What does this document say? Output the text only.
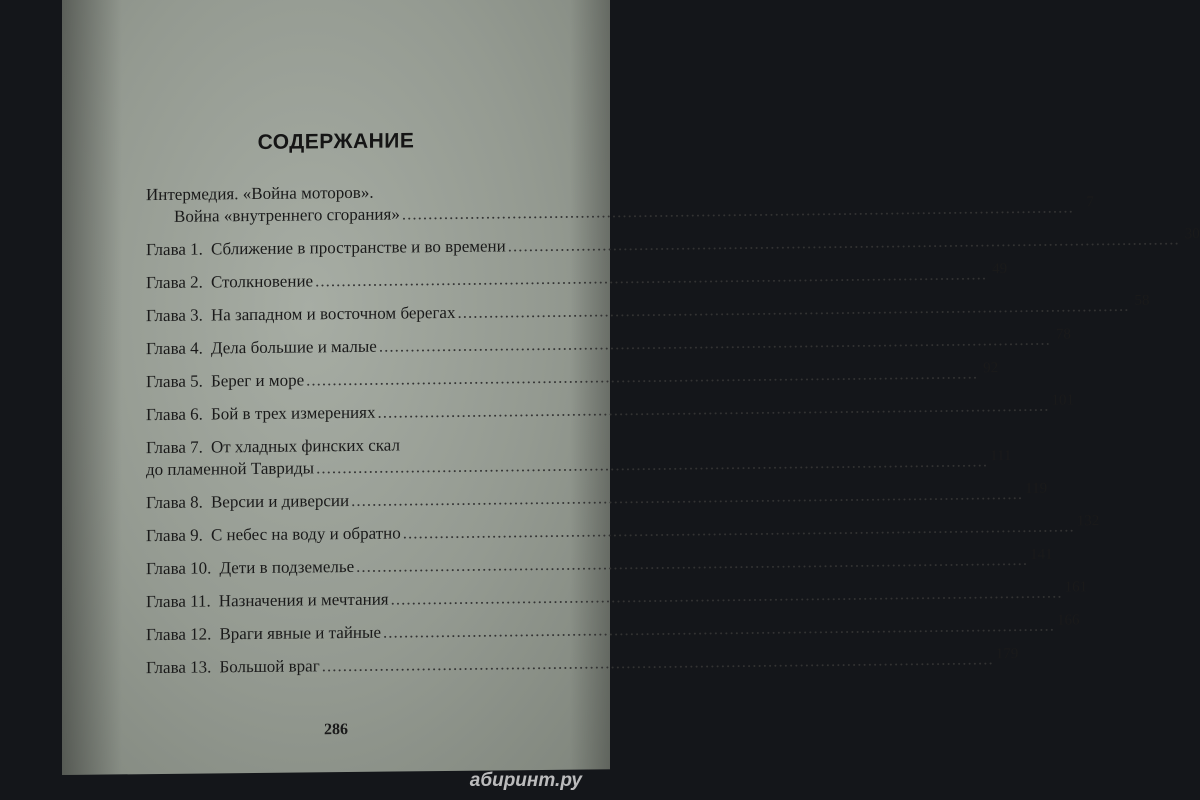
СОДЕРЖАНИЕ
Интермедия. «Война моторов».
Война «внутреннего сгорания»
.....
7
Глава 1. Сближение в пространстве и во времени
.....
30
Глава 2. Столкновение
.....
49
Глава 3. На западном и восточном берегах
.....
58
Глава 4. Дела большие и малые
.....
78
Глава 5. Берег и море
.....
92
Глава 6. Бой в трех измерениях
.....
101
Глава 7. От хладных финских скал
до пламенной Тавриды
.....
111
Глава 8. Версии и диверсии
.....
119
Глава 9. С небес на воду и обратно
.....
132
Глава 10. Дети в подземелье
.....
141
Глава 11. Назначения и мечтания
.....
161
Глава 12. Враги явные и тайные
.....
166
Глава 13. Большой враг
.....
179
286
абиринт.ру
